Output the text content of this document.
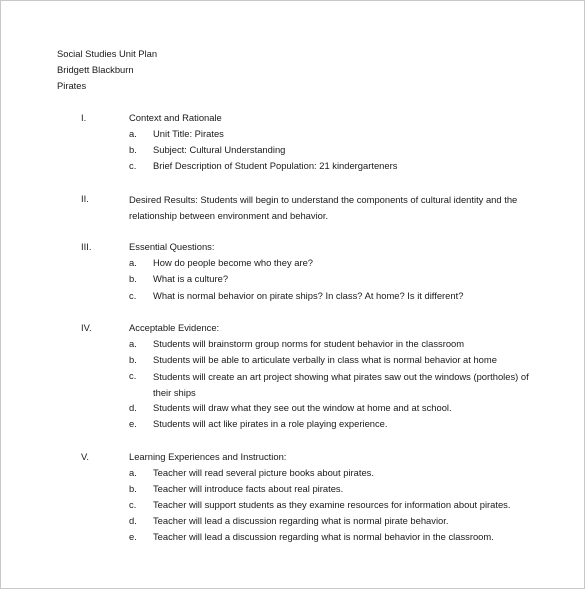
Social Studies Unit Plan
Bridgett Blackburn
Pirates
I.	Context and Rationale
a. Unit Title: Pirates
b. Subject: Cultural Understanding
c. Brief Description of Student Population: 21 kindergarteners
II.	Desired Results: Students will begin to understand the components of cultural identity and the relationship between environment and behavior.
III.	Essential Questions:
a. How do people become who they are?
b. What is a culture?
c. What is normal behavior on pirate ships? In class? At home? Is it different?
IV.	Acceptable Evidence:
a. Students will brainstorm group norms for student behavior in the classroom
b. Students will be able to articulate verbally in class what is normal behavior at home
c. Students will create an art project showing what pirates saw out the windows (portholes) of their ships
d. Students will draw what they see out the window at home and at school.
e. Students will act like pirates in a role playing experience.
V.	Learning Experiences and Instruction:
a. Teacher will read several picture books about pirates.
b. Teacher will introduce facts about real pirates.
c. Teacher will support students as they examine resources for information about pirates.
d. Teacher will lead a discussion regarding what is normal pirate behavior.
e. Teacher will lead a discussion regarding what is normal behavior in the classroom.
